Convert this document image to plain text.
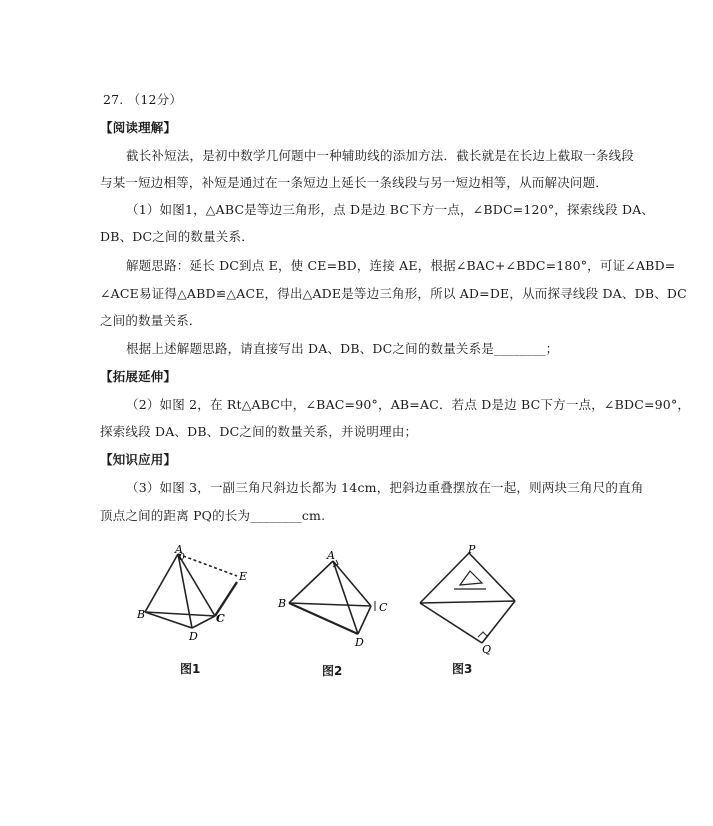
27. （12分）
【阅读理解】
截长补短法，是初中数学几何题中一种辅助线的添加方法．截长就是在长边上截取一条线段
与某一短边相等，补短是通过在一条短边上延长一条线段与另一短边相等，从而解决问题．
（1）如图1，△ABC是等边三角形，点 D是边 BC下方一点，∠BDC=120°，探索线段 DA、
DB、DC之间的数量关系．
解题思路：延长 DC到点 E，使 CE=BD，连接 AE，根据∠BAC+∠BDC=180°，可证∠ABD=
∠ACE易证得△ABD≌△ACE，得出△ADE是等边三角形，所以 AD=DE，从而探寻线段 DA、DB、DC
之间的数量关系．
根据上述解题思路，请直接写出 DA、DB、DC之间的数量关系是________；
【拓展延伸】
（2）如图 2，在 Rt△ABC中，∠BAC=90°，AB=AC．若点 D是边 BC下方一点，∠BDC=90°，
探索线段 DA、DB、DC之间的数量关系，并说明理由；
【知识应用】
（3）如图 3，一副三角尺斜边长都为 14cm，把斜边重叠摆放在一起，则两块三角尺的直角
顶点之间的距离 PQ的长为________cm.
A
0
B	C
D
E
图1
A
B	C
D
图2
P
Q
图3
